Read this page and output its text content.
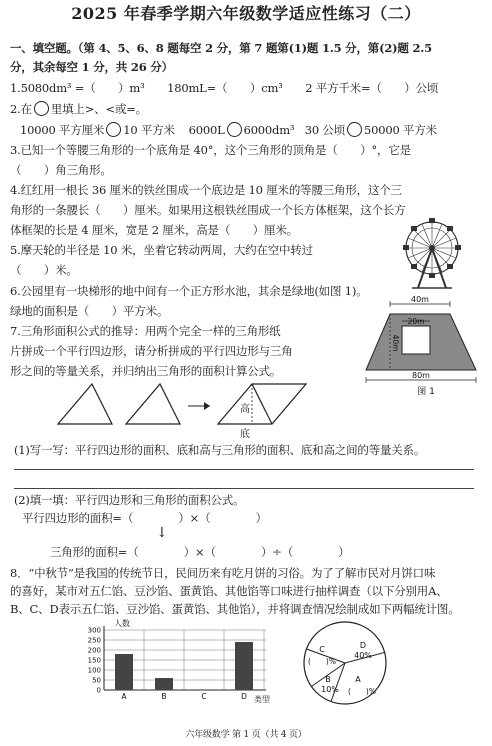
2025 年春季学期六年级数学适应性练习（二）
一、填空题。（第 4、5、6、8 题每空 2 分，第 7 题第(1)题 1.5 分，第(2)题 2.5
分，其余每空 1 分，共 26 分）
1.5080dm³ =（　　）m³　　180mL=（　　）cm³　　2 平方千米=（　　）公顷
2.在 里填上>、<或=。
10000 平方厘米 10 平方米 6000L 6000dm³ 30 公顷 50000 平方米
3.已知一个等腰三角形的一个底角是 40°，这个三角形的顶角是（　　）°，它是
（　　）角三角形。
4.红红用一根长 36 厘米的铁丝围成一个底边是 10 厘米的等腰三角形，这个三
角形的一条腰长（　　）厘米。如果用这根铁丝围成一个长方体框架，这个长方
体框架的长是 4 厘米，宽是 2 厘米，高是（　　）厘米。
5.摩天轮的半径是 10 米，坐着它转动两周，大约在空中转过
（　　）米。
6.公园里有一块梯形的地中间有一个正方形水池，其余是绿地(如图 1)。
绿地的面积是（　　）平方米。
40m
20m
40m
80m
图 1
7.三角形面积公式的推导：用两个完全一样的三角形纸
片拼成一个平行四边形，请分析拼成的平行四边形与三角
形之间的等量关系，并归纳出三角形的面积计算公式。
高
底
(1)写一写：平行四边形的面积、底和高与三角形的面积、底和高之间的等量关系。
(2)填一填：平行四边形和三角形的面积公式。
平行四边形的面积=（　　　　）×（　　　　）
↓
三角形的面积=（　　　　）×（　　　　）÷（　　　　）
8．“中秋节”是我国的传统节日，民间历来有吃月饼的习俗。为了了解市民对月饼口味
的喜好，某市对五仁馅、豆沙馅、蛋黄馅、其他馅等口味进行抽样调查（以下分别用A、
B、C、D表示五仁馅、豆沙馅、蛋黄馅、其他馅），并将调查情况绘制成如下两幅统计图。
人数
0
50
100
150
200
250
300
A	B	C	D 类型
D
40%
C
(　　)%
B
10%
A
(　　)%
六年级数学 第 1 页（共 4 页）
